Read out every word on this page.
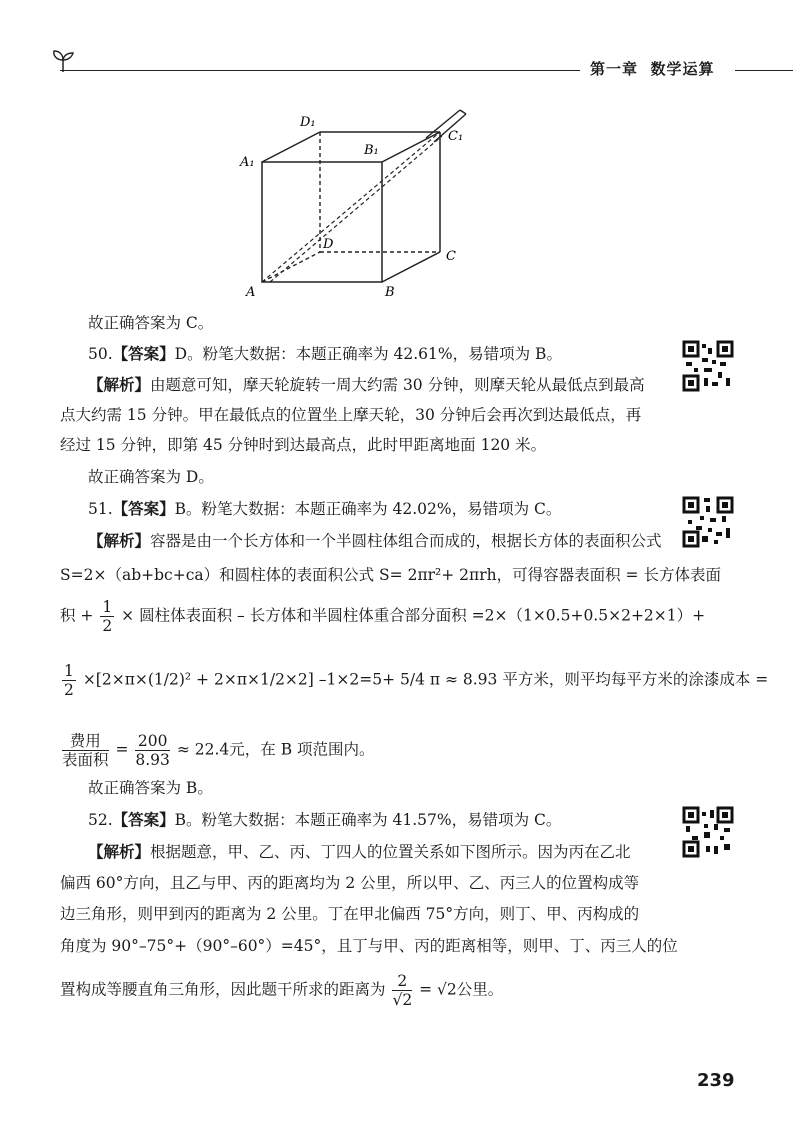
第一章 数学运算
D₁
A₁
B₁
C₁
D
C
A	B
故正确答案为 C。
50.【答案】D。粉笔大数据：本题正确率为 42.61%，易错项为 B。
【解析】由题意可知，摩天轮旋转一周大约需 30 分钟，则摩天轮从最低点到最高
点大约需 15 分钟。甲在最低点的位置坐上摩天轮，30 分钟后会再次到达最低点，再
经过 15 分钟，即第 45 分钟时到达最高点，此时甲距离地面 120 米。
故正确答案为 D。
51.【答案】B。粉笔大数据：本题正确率为 42.02%，易错项为 C。
【解析】容器是由一个长方体和一个半圆柱体组合而成的，根据长方体的表面积公式
S=2×（ab+bc+ca）和圆柱体的表面积公式 S= 2πr²+ 2πrh，可得容器表面积 = 长方体表面
积 + $\frac{1}{2}$ × 圆柱体表面积 – 长方体和半圆柱体重合部分面积 =2×（1×0.5+0.5×2+2×1）+
$\frac{1}{2} \times[2\times\pi\times(1/2)^2 + 2\times\pi\times 1/2\times 2]$ –1×2=5+ 5/4 π ≈ 8.93 平方米，则平均每平方米的涂漆成本 =
$\frac{\text{费用}}{\text{表面积}} = \frac{200}{8.93} \approx 22.4$元，在 B 项范围内。
故正确答案为 B。
52.【答案】B。粉笔大数据：本题正确率为 41.57%，易错项为 C。
【解析】根据题意，甲、乙、丙、丁四人的位置关系如下图所示。因为丙在乙北
偏西 60°方向，且乙与甲、丙的距离均为 2 公里，所以甲、乙、丙三人的位置构成等
边三角形，则甲到丙的距离为 2 公里。丁在甲北偏西 75°方向，则丁、甲、丙构成的
角度为 90°–75°+（90°–60°）=45°，且丁与甲、丙的距离相等，则甲、丁、丙三人的位
置构成等腰直角三角形，因此题干所求的距离为 $\frac{2}{√2} = √2$公里。
239
